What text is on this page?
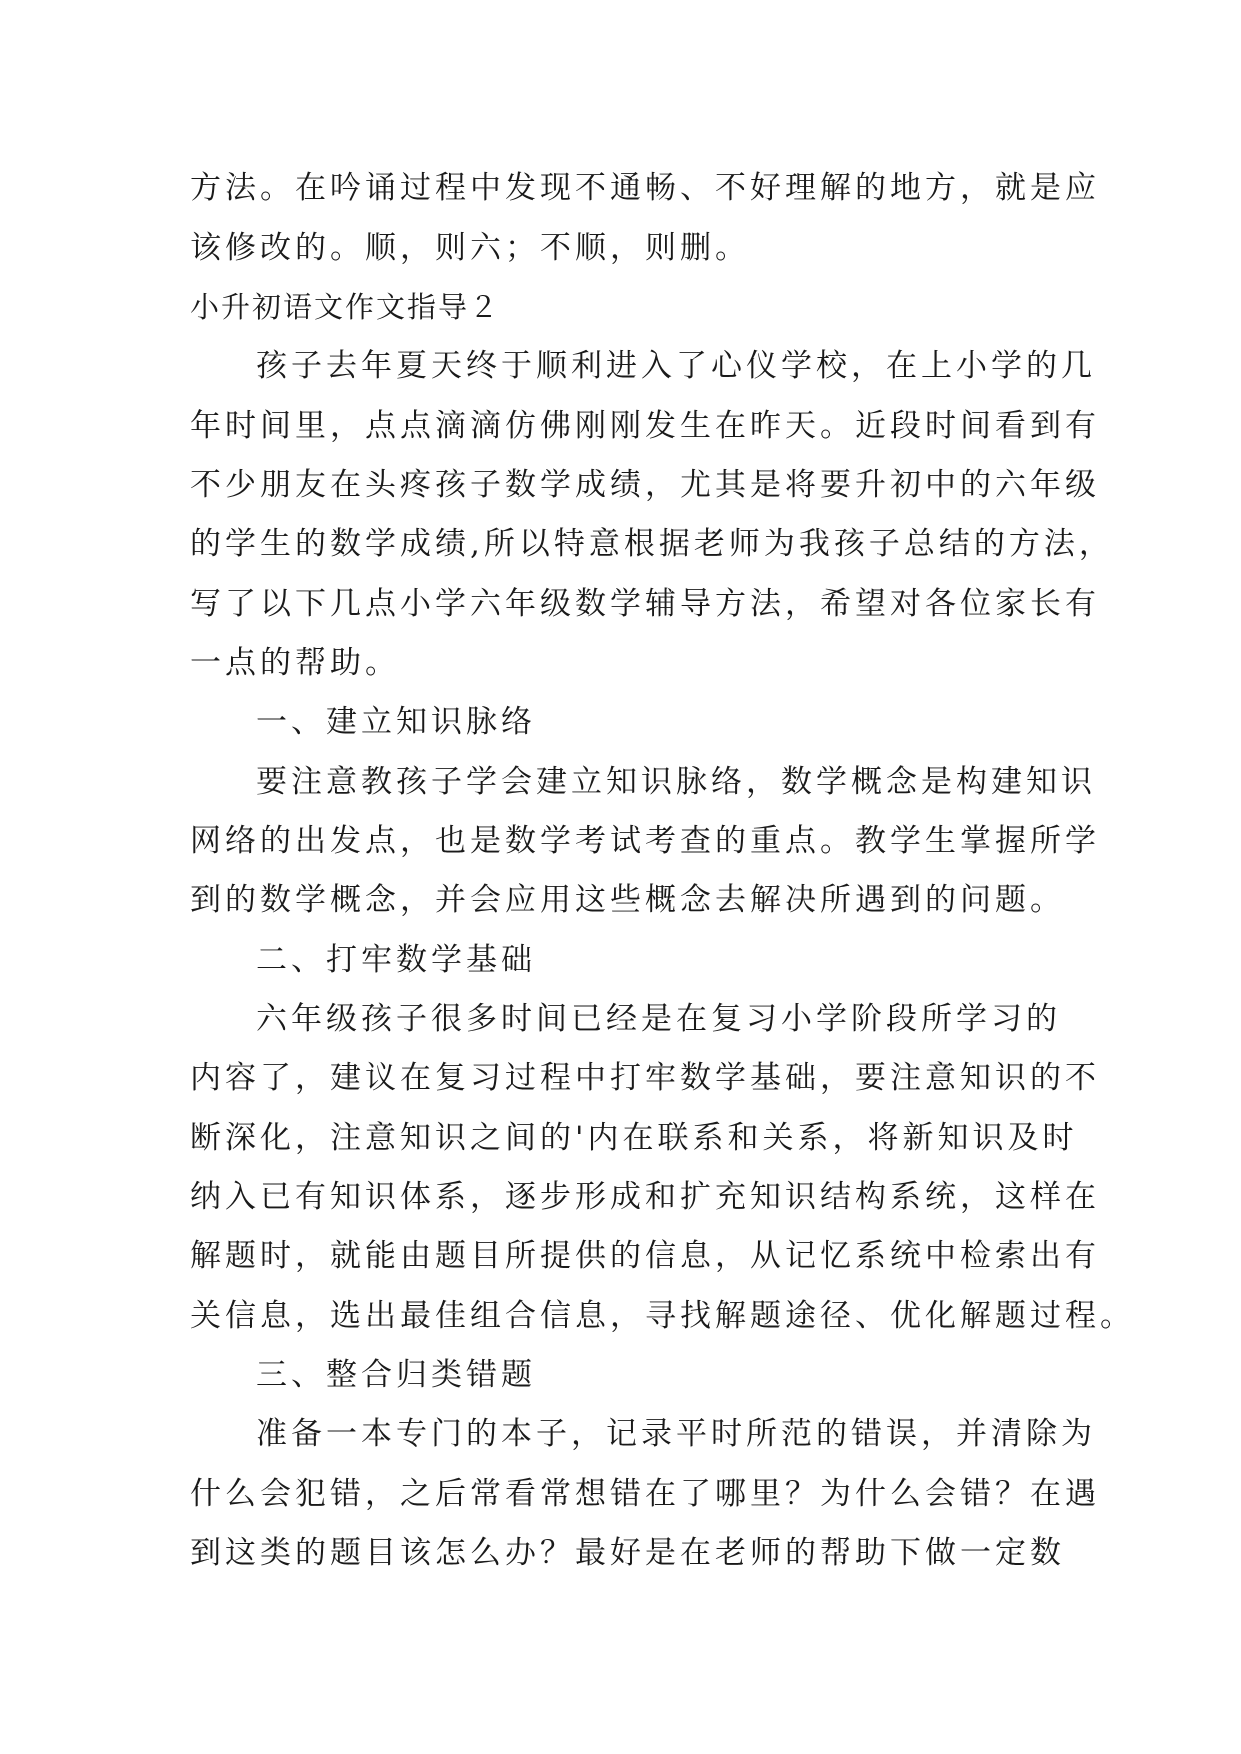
方法。在吟诵过程中发现不通畅、不好理解的地方，就是应
该修改的。顺，则六；不顺，则删。
小升初语文作文指导２
孩子去年夏天终于顺利进入了心仪学校，在上小学的几
年时间里，点点滴滴仿佛刚刚发生在昨天。近段时间看到有
不少朋友在头疼孩子数学成绩，尤其是将要升初中的六年级
的学生的数学成绩,所以特意根据老师为我孩子总结的方法，
写了以下几点小学六年级数学辅导方法，希望对各位家长有
一点的帮助。
一、建立知识脉络
要注意教孩子学会建立知识脉络，数学概念是构建知识
网络的出发点，也是数学考试考查的重点。教学生掌握所学
到的数学概念，并会应用这些概念去解决所遇到的问题。
二、打牢数学基础
六年级孩子很多时间已经是在复习小学阶段所学习的
内容了，建议在复习过程中打牢数学基础，要注意知识的不
断深化，注意知识之间的'内在联系和关系，将新知识及时
纳入已有知识体系，逐步形成和扩充知识结构系统，这样在
解题时，就能由题目所提供的信息，从记忆系统中检索出有
关信息，选出最佳组合信息，寻找解题途径、优化解题过程。
三、整合归类错题
准备一本专门的本子，记录平时所范的错误，并清除为
什么会犯错，之后常看常想错在了哪里？为什么会错？在遇
到这类的题目该怎么办？最好是在老师的帮助下做一定数
